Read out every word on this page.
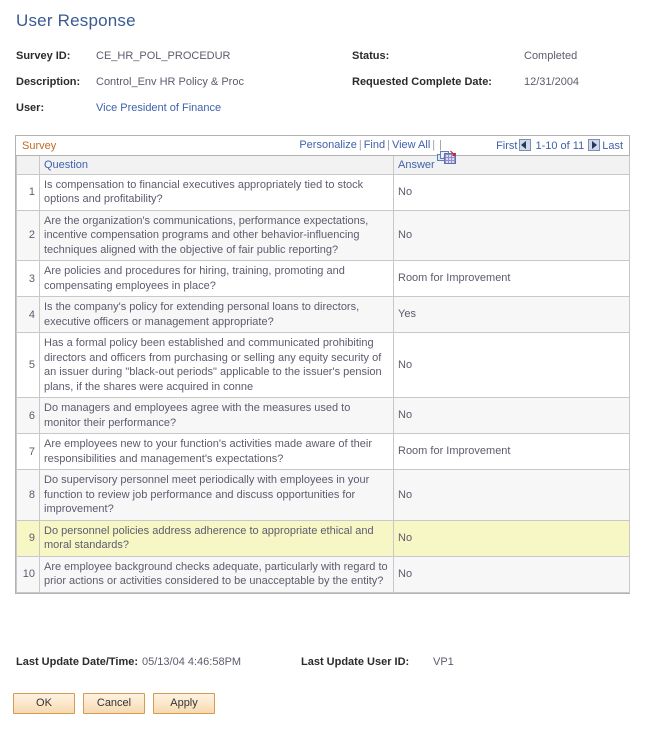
User Response
Survey ID: CE_HR_POL_PROCEDUR	Status:	Completed
Description: Control_Env HR Policy & Proc	Requested Complete Date:	12/31/2004
User:	Vice President of Finance
Survey	Personalize | Find | View All | |
↘
First 1-10 of 11 Last
	Question	Answer
1	Is compensation to financial executives appropriately tied to stock options and profitability?	No
2	Are the organization's communications, performance expectations, incentive compensation programs and other behavior-influencing techniques aligned with the objective of fair public reporting?	No
3	Are policies and procedures for hiring, training, promoting and compensating employees in place?	Room for Improvement
4	Is the company's policy for extending personal loans to directors, executive officers or management appropriate?	Yes
5	Has a formal policy been established and communicated prohibiting directors and officers from purchasing or selling any equity security of an issuer during "black-out periods" applicable to the issuer's pension plans, if the shares were acquired in conne	No
6	Do managers and employees agree with the measures used to monitor their performance?	No
7	Are employees new to your function's activities made aware of their responsibilities and management's expectations?	Room for Improvement
8	Do supervisory personnel meet periodically with employees in your function to review job performance and discuss opportunities for improvement?	No
9	Do personnel policies address adherence to appropriate ethical and moral standards?	No
10	Are employee background checks adequate, particularly with regard to prior actions or activities considered to be unacceptable by the entity?	No
Last Update Date/Time: 05/13/04 4:46:58PM	Last Update User ID: VP1
OK	Cancel	Apply
